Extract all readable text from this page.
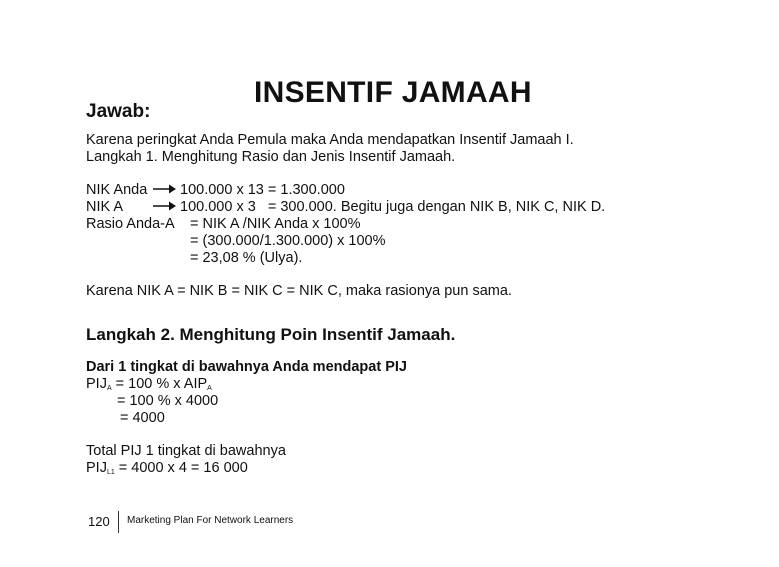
INSENTIF JAMAAH
Jawab:
Karena peringkat Anda Pemula maka Anda mendapatkan Insentif Jamaah I.
Langkah 1. Menghitung Rasio dan Jenis Insentif Jamaah.
NIK Anda 100.000 x 13 = 1.300.000
NIK A	100.000 x 3   = 300.000. Begitu juga dengan NIK B, NIK C, NIK D.
Rasio Anda-A = NIK A /NIK Anda x 100%
= (300.000/1.300.000) x 100%
= 23,08 % (Ulya).
Karena NIK A = NIK B = NIK C = NIK C, maka rasionya pun sama.
Langkah 2. Menghitung Poin Insentif Jamaah.
Dari 1 tingkat di bawahnya Anda mendapat PIJ
$PIJ_A = 100$ % x $AIP_A$
= 100 % x 4000
= 4000
Total PIJ 1 tingkat di bawahnya
$PIJ_{L1} = 4000$ x 4 = 16 000
120 Marketing Plan For Network Learners
